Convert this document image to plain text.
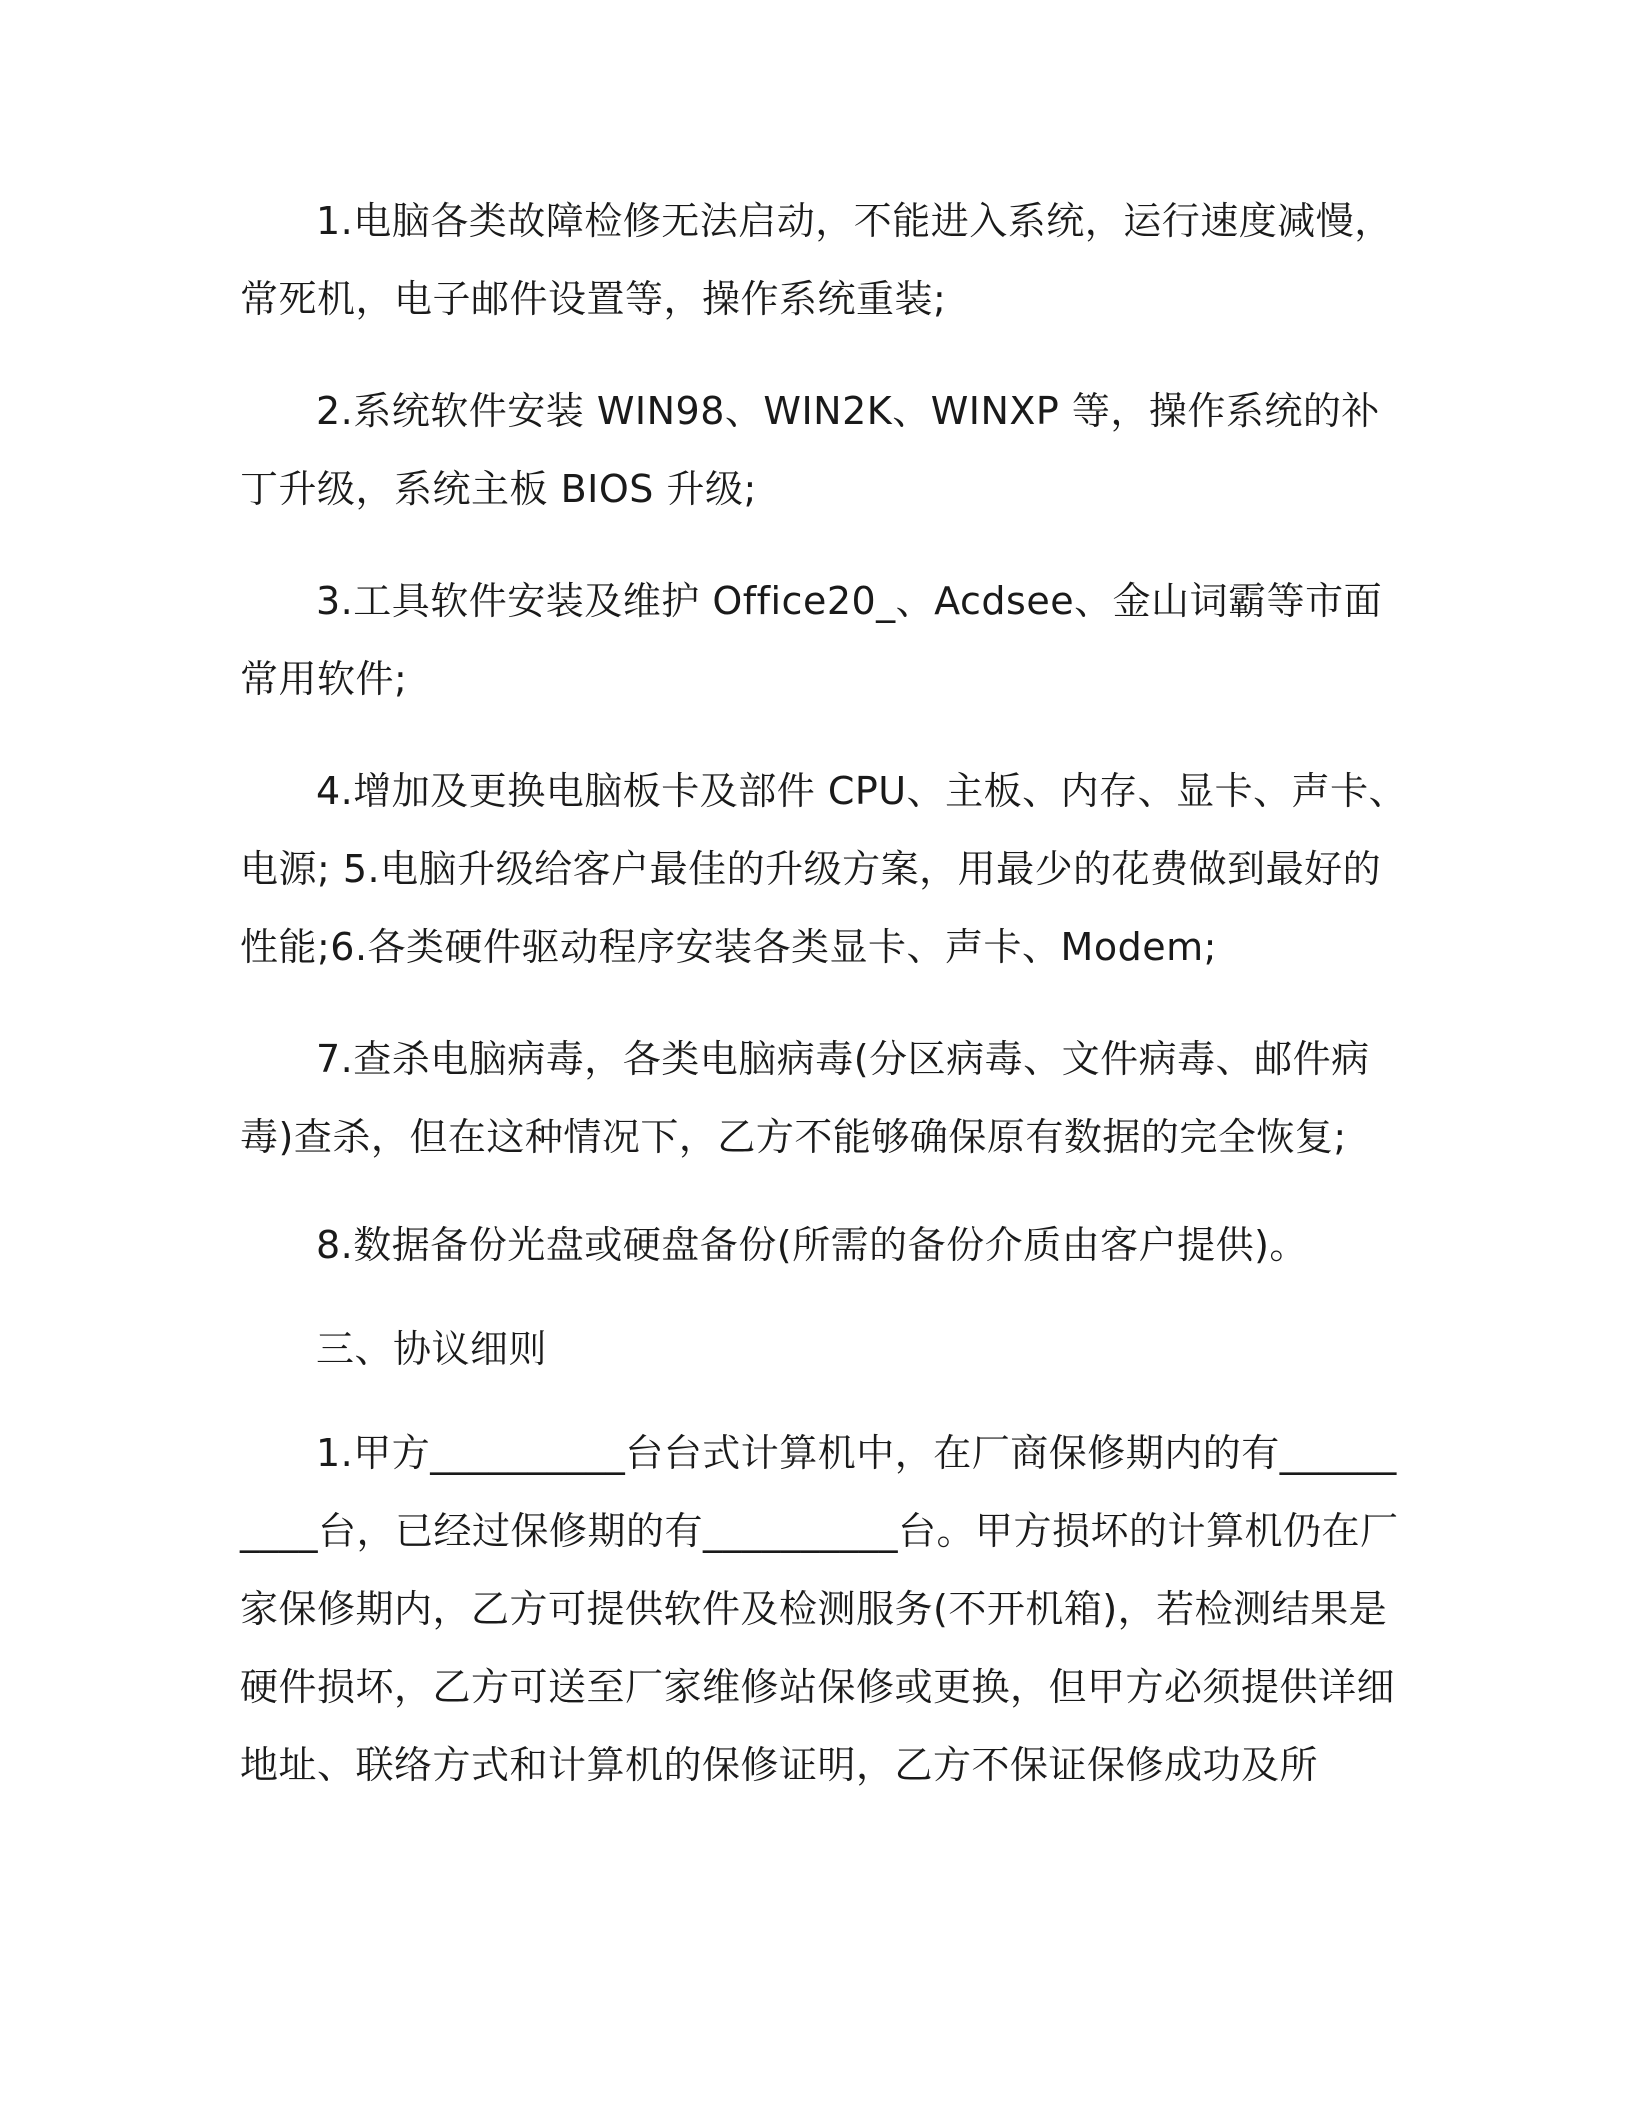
1.电脑各类故障检修无法启动，不能进入系统，运行速度减慢，常死机，电子邮件设置等，操作系统重装;

2.系统软件安装 WIN98、WIN2K、WINXP 等，操作系统的补丁升级，系统主板 BIOS 升级;

3.工具软件安装及维护 Office20_、Acdsee、金山词霸等市面常用软件;

4.增加及更换电脑板卡及部件 CPU、主板、内存、显卡、声卡、电源; 5.电脑升级给客户最佳的升级方案，用最少的花费做到最好的性能;6.各类硬件驱动程序安装各类显卡、声卡、Modem;

7.查杀电脑病毒，各类电脑病毒(分区病毒、文件病毒、邮件病毒)查杀，但在这种情况下，乙方不能够确保原有数据的完全恢复;

8.数据备份光盘或硬盘备份(所需的备份介质由客户提供)。

三、协议细则

1.甲方__________台台式计算机中，在厂商保修期内的有__________台，已经过保修期的有__________台。甲方损坏的计算机仍在厂家保修期内，乙方可提供软件及检测服务(不开机箱)，若检测结果是硬件损坏，乙方可送至厂家维修站保修或更换，但甲方必须提供详细地址、联络方式和计算机的保修证明，乙方不保证保修成功及所
